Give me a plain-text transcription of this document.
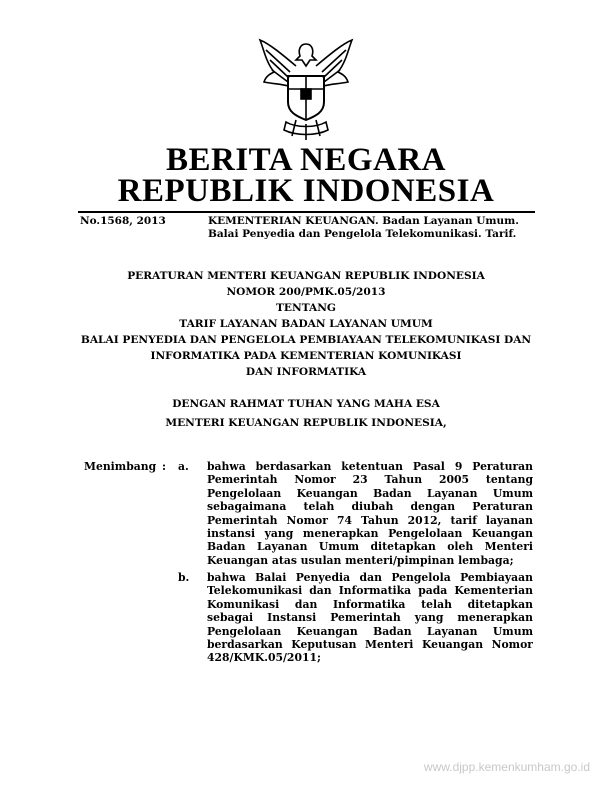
BERITA NEGARA
REPUBLIK INDONESIA
No.1568, 2013	KEMENTERIAN KEUANGAN. Badan Layanan Umum.
Balai Penyedia dan Pengelola Telekomunikasi. Tarif.
PERATURAN MENTERI KEUANGAN REPUBLIK INDONESIA
NOMOR 200/PMK.05/2013
TENTANG
TARIF LAYANAN BADAN LAYANAN UMUM
BALAI PENYEDIA DAN PENGELOLA PEMBIAYAAN TELEKOMUNIKASI DAN
INFORMATIKA PADA KEMENTERIAN KOMUNIKASI
DAN INFORMATIKA
DENGAN RAHMAT TUHAN YANG MAHA ESA
MENTERI KEUANGAN REPUBLIK INDONESIA,
Menimbang : a. bahwa berdasarkan ketentuan Pasal 9 Peraturan
Pemerintah Nomor 23 Tahun 2005 tentang
Pengelolaan Keuangan Badan Layanan Umum
sebagaimana telah diubah dengan Peraturan
Pemerintah Nomor 74 Tahun 2012, tarif layanan
instansi yang menerapkan Pengelolaan Keuangan
Badan Layanan Umum ditetapkan oleh Menteri
Keuangan atas usulan menteri/pimpinan lembaga;
b. bahwa Balai Penyedia dan Pengelola Pembiayaan
Telekomunikasi dan Informatika pada Kementerian
Komunikasi dan Informatika telah ditetapkan
sebagai Instansi Pemerintah yang menerapkan
Pengelolaan Keuangan Badan Layanan Umum
berdasarkan Keputusan Menteri Keuangan Nomor
428/KMK.05/2011;
www.djpp.kemenkumham.go.id
